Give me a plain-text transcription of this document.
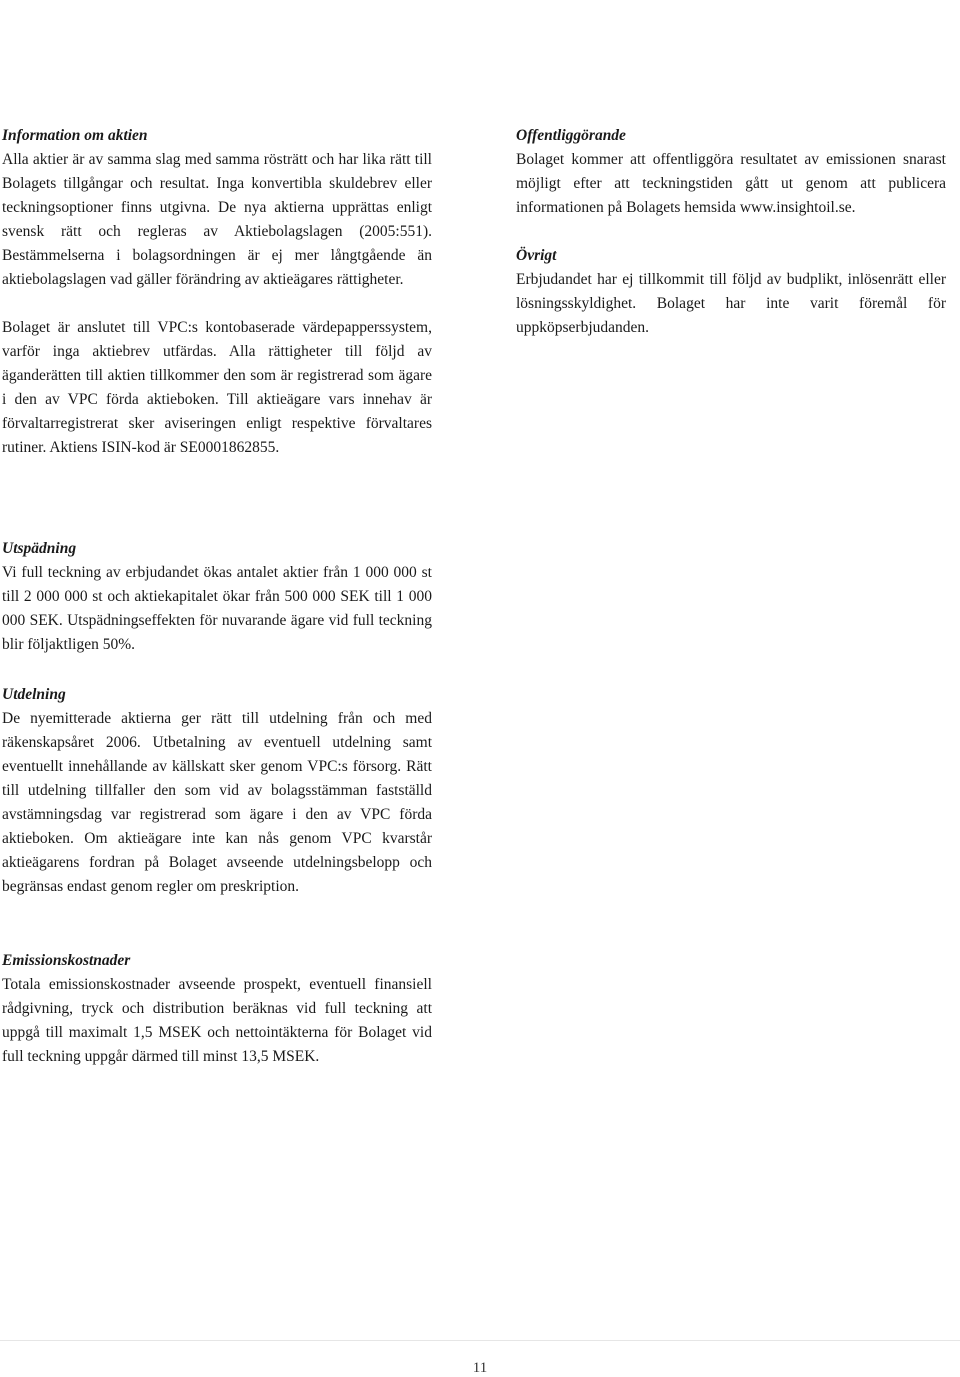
Information om aktien

Alla aktier är av samma slag med samma rösträtt och har lika rätt till Bolagets tillgångar och resultat. Inga konvertibla skuldebrev eller teckningsoptioner finns utgivna. De nya aktierna upprättas enligt svensk rätt och regleras av Aktiebolagslagen (2005:551). Bestämmelserna i bolagsordningen är ej mer långtgående än aktiebolagslagen vad gäller förändring av aktieägares rättigheter.

Bolaget är anslutet till VPC:s kontobaserade värdepapperssystem, varför inga aktiebrev utfärdas. Alla rättigheter till följd av äganderätten till aktien tillkommer den som är registrerad som ägare i den av VPC förda aktieboken. Till aktieägare vars innehav är förvaltarregistrerat sker aviseringen enligt respektive förvaltares rutiner. Aktiens ISIN-kod är SE0001862855.

Utspädning

Vi full teckning av erbjudandet ökas antalet aktier från 1 000 000 st till 2 000 000 st och aktiekapitalet ökar från 500 000 SEK till 1 000 000 SEK. Utspädningseffekten för nuvarande ägare vid full teckning blir följaktligen 50%.

Utdelning

De nyemitterade aktierna ger rätt till utdelning från och med räkenskapsåret 2006. Utbetalning av eventuell utdelning samt eventuellt innehållande av källskatt sker genom VPC:s försorg. Rätt till utdelning tillfaller den som vid av bolagsstämman fastställd avstämningsdag var registrerad som ägare i den av VPC förda aktieboken. Om aktieägare inte kan nås genom VPC kvarstår aktieägarens fordran på Bolaget avseende utdelningsbelopp och begränsas endast genom regler om preskription.

Emissionskostnader

Totala emissionskostnader avseende prospekt, eventuell finansiell rådgivning, tryck och distribution beräknas vid full teckning att uppgå till maximalt 1,5 MSEK och nettointäkterna för Bolaget vid full teckning uppgår därmed till minst 13,5 MSEK.

Offentliggörande

Bolaget kommer att offentliggöra resultatet av emissionen snarast möjligt efter att teckningstiden gått ut genom att publicera informationen på Bolagets hemsida www.insightoil.se.

Övrigt

Erbjudandet har ej tillkommit till följd av budplikt, inlösenrätt eller lösningsskyldighet. Bolaget har inte varit föremål för uppköpserbjudanden.

11
